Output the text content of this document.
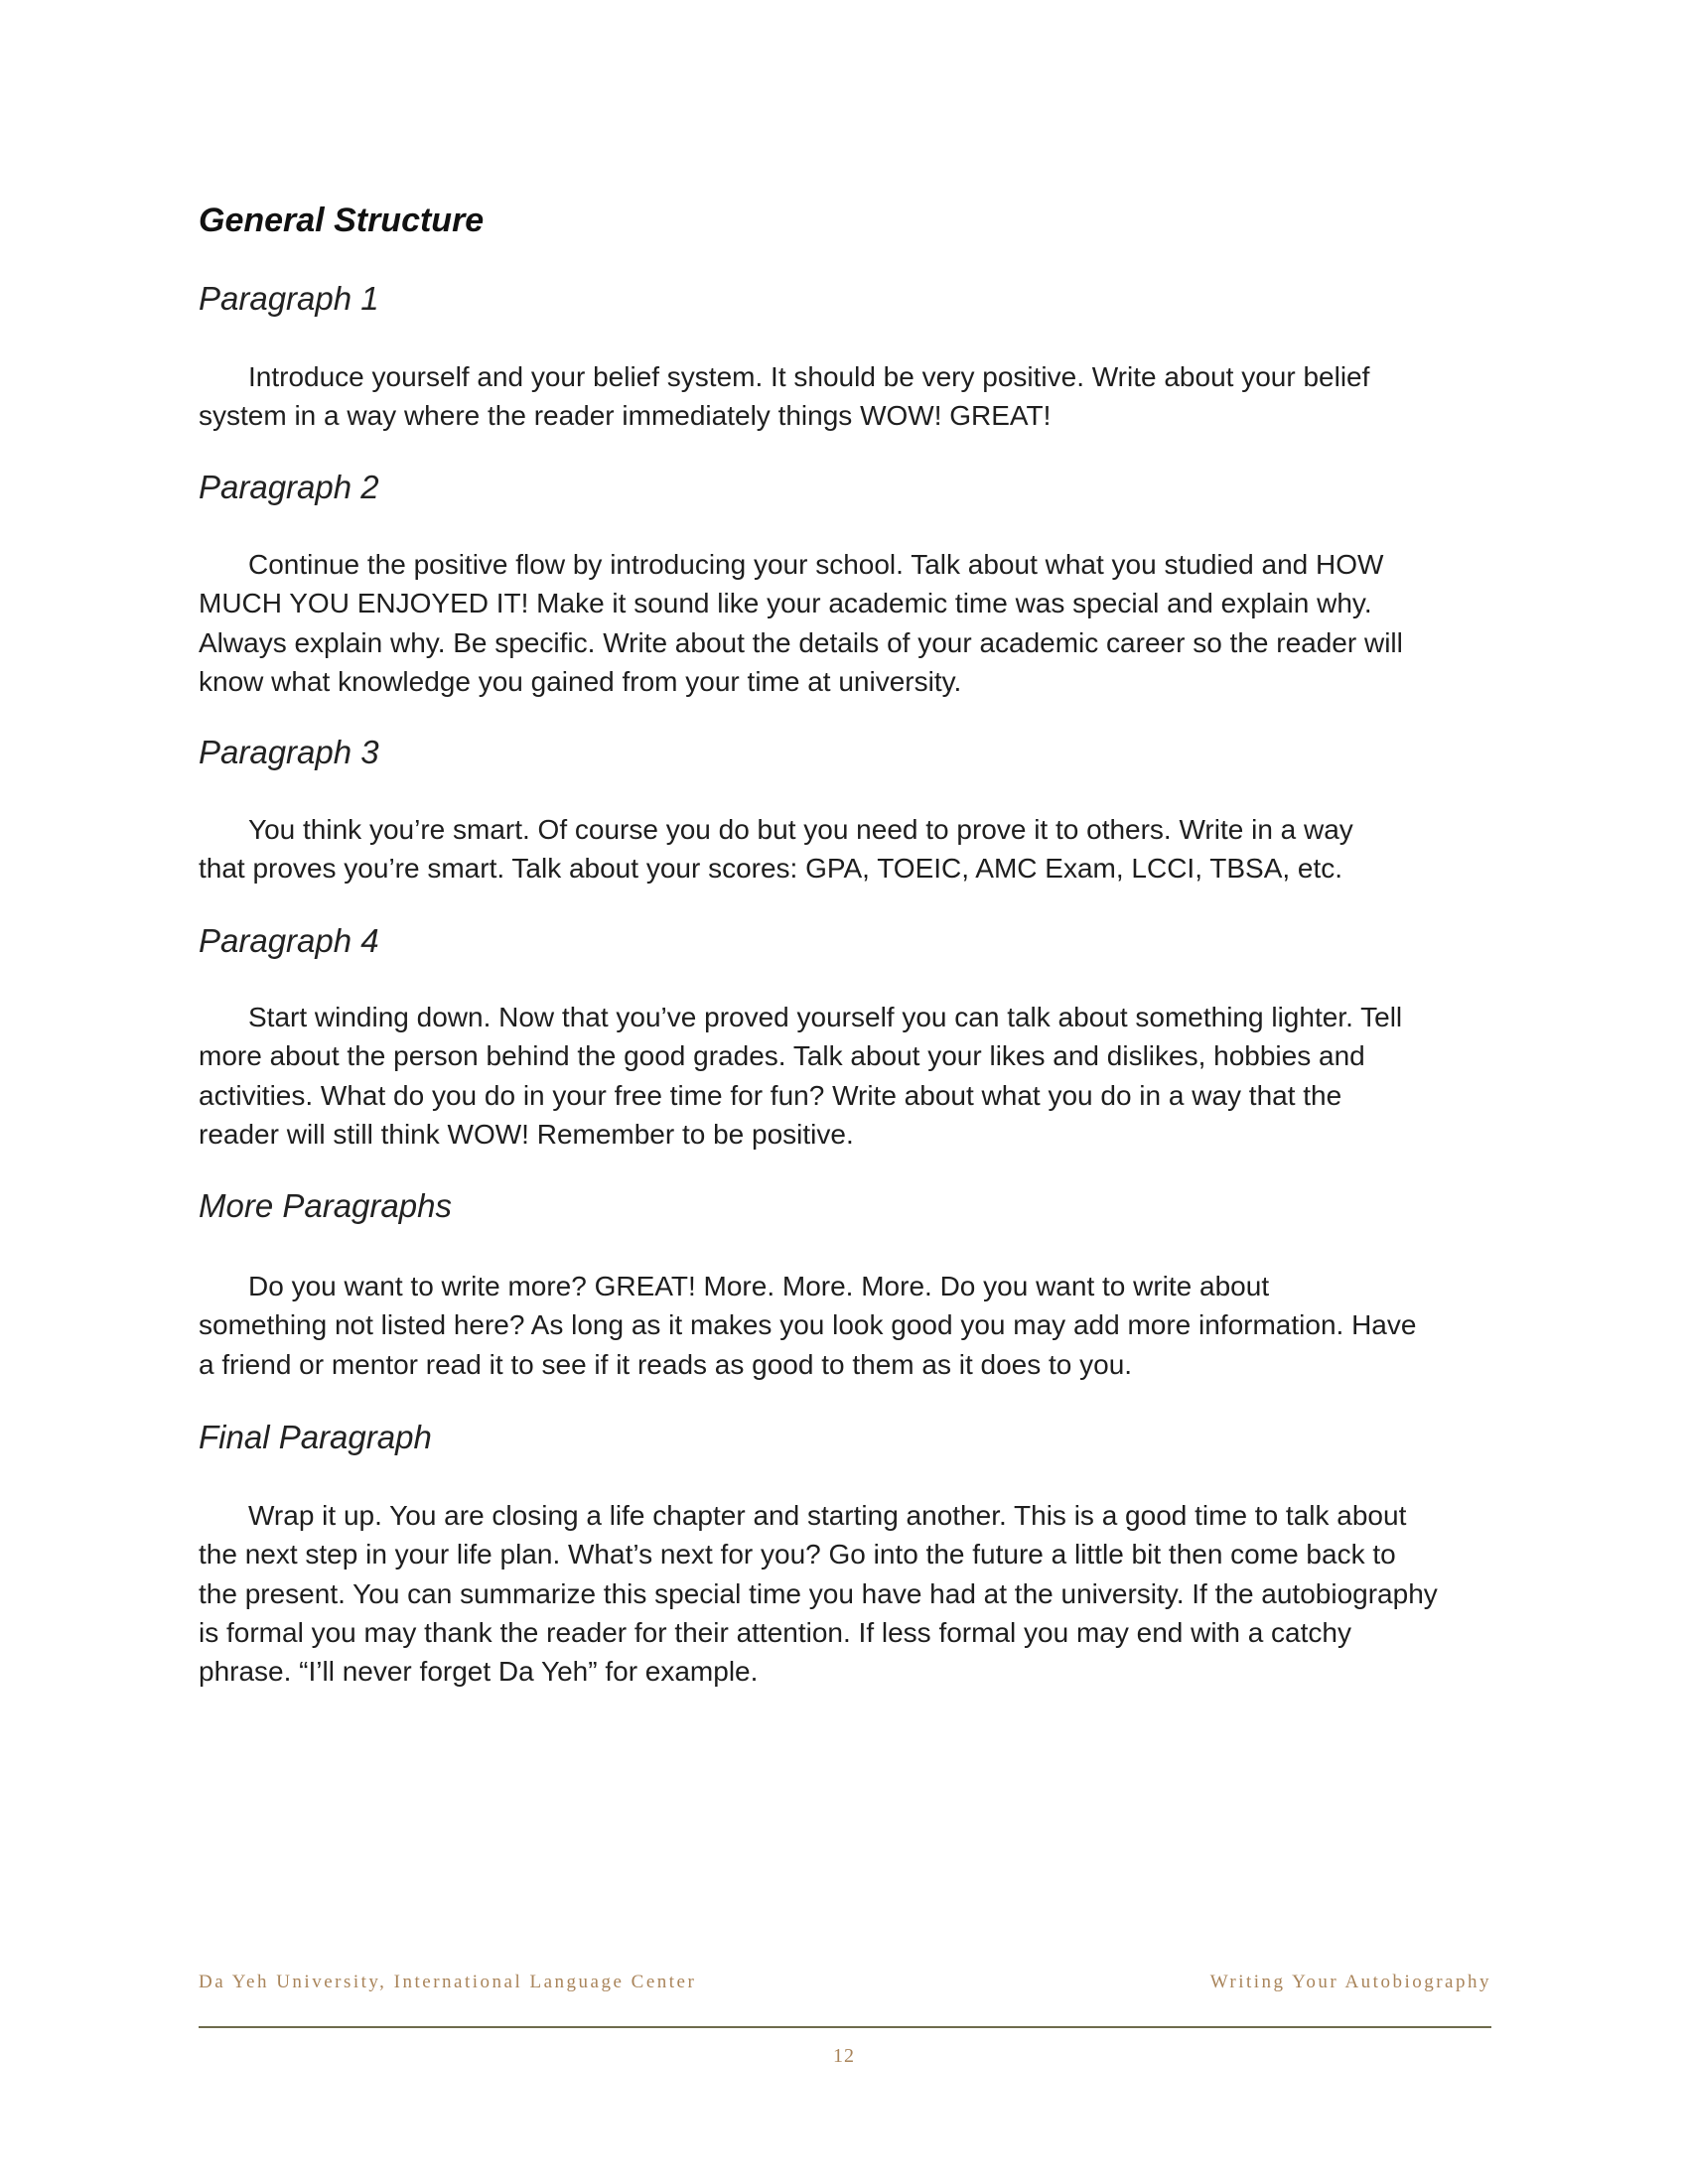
General Structure
Paragraph 1
Introduce yourself and your belief system. It should be very positive. Write about your belief
system in a way where the reader immediately things WOW! GREAT!
Paragraph 2
Continue the positive flow by introducing your school. Talk about what you studied and HOW
MUCH YOU ENJOYED IT! Make it sound like your academic time was special and explain why.
Always explain why. Be specific. Write about the details of your academic career so the reader will
know what knowledge you gained from your time at university.
Paragraph 3
You think you’re smart. Of course you do but you need to prove it to others. Write in a way
that proves you’re smart. Talk about your scores: GPA, TOEIC, AMC Exam, LCCI, TBSA, etc.
Paragraph 4
Start winding down. Now that you’ve proved yourself you can talk about something lighter. Tell
more about the person behind the good grades. Talk about your likes and dislikes, hobbies and
activities. What do you do in your free time for fun? Write about what you do in a way that the
reader will still think WOW! Remember to be positive.
More Paragraphs
Do you want to write more? GREAT! More. More. More. Do you want to write about
something not listed here? As long as it makes you look good you may add more information. Have
a friend or mentor read it to see if it reads as good to them as it does to you.
Final Paragraph
Wrap it up. You are closing a life chapter and starting another. This is a good time to talk about
the next step in your life plan. What’s next for you? Go into the future a little bit then come back to
the present. You can summarize this special time you have had at the university. If the autobiography
is formal you may thank the reader for their attention. If less formal you may end with a catchy
phrase. “I’ll never forget Da Yeh” for example.
Da Yeh University, International Language Center	Writing Your Autobiography
12
